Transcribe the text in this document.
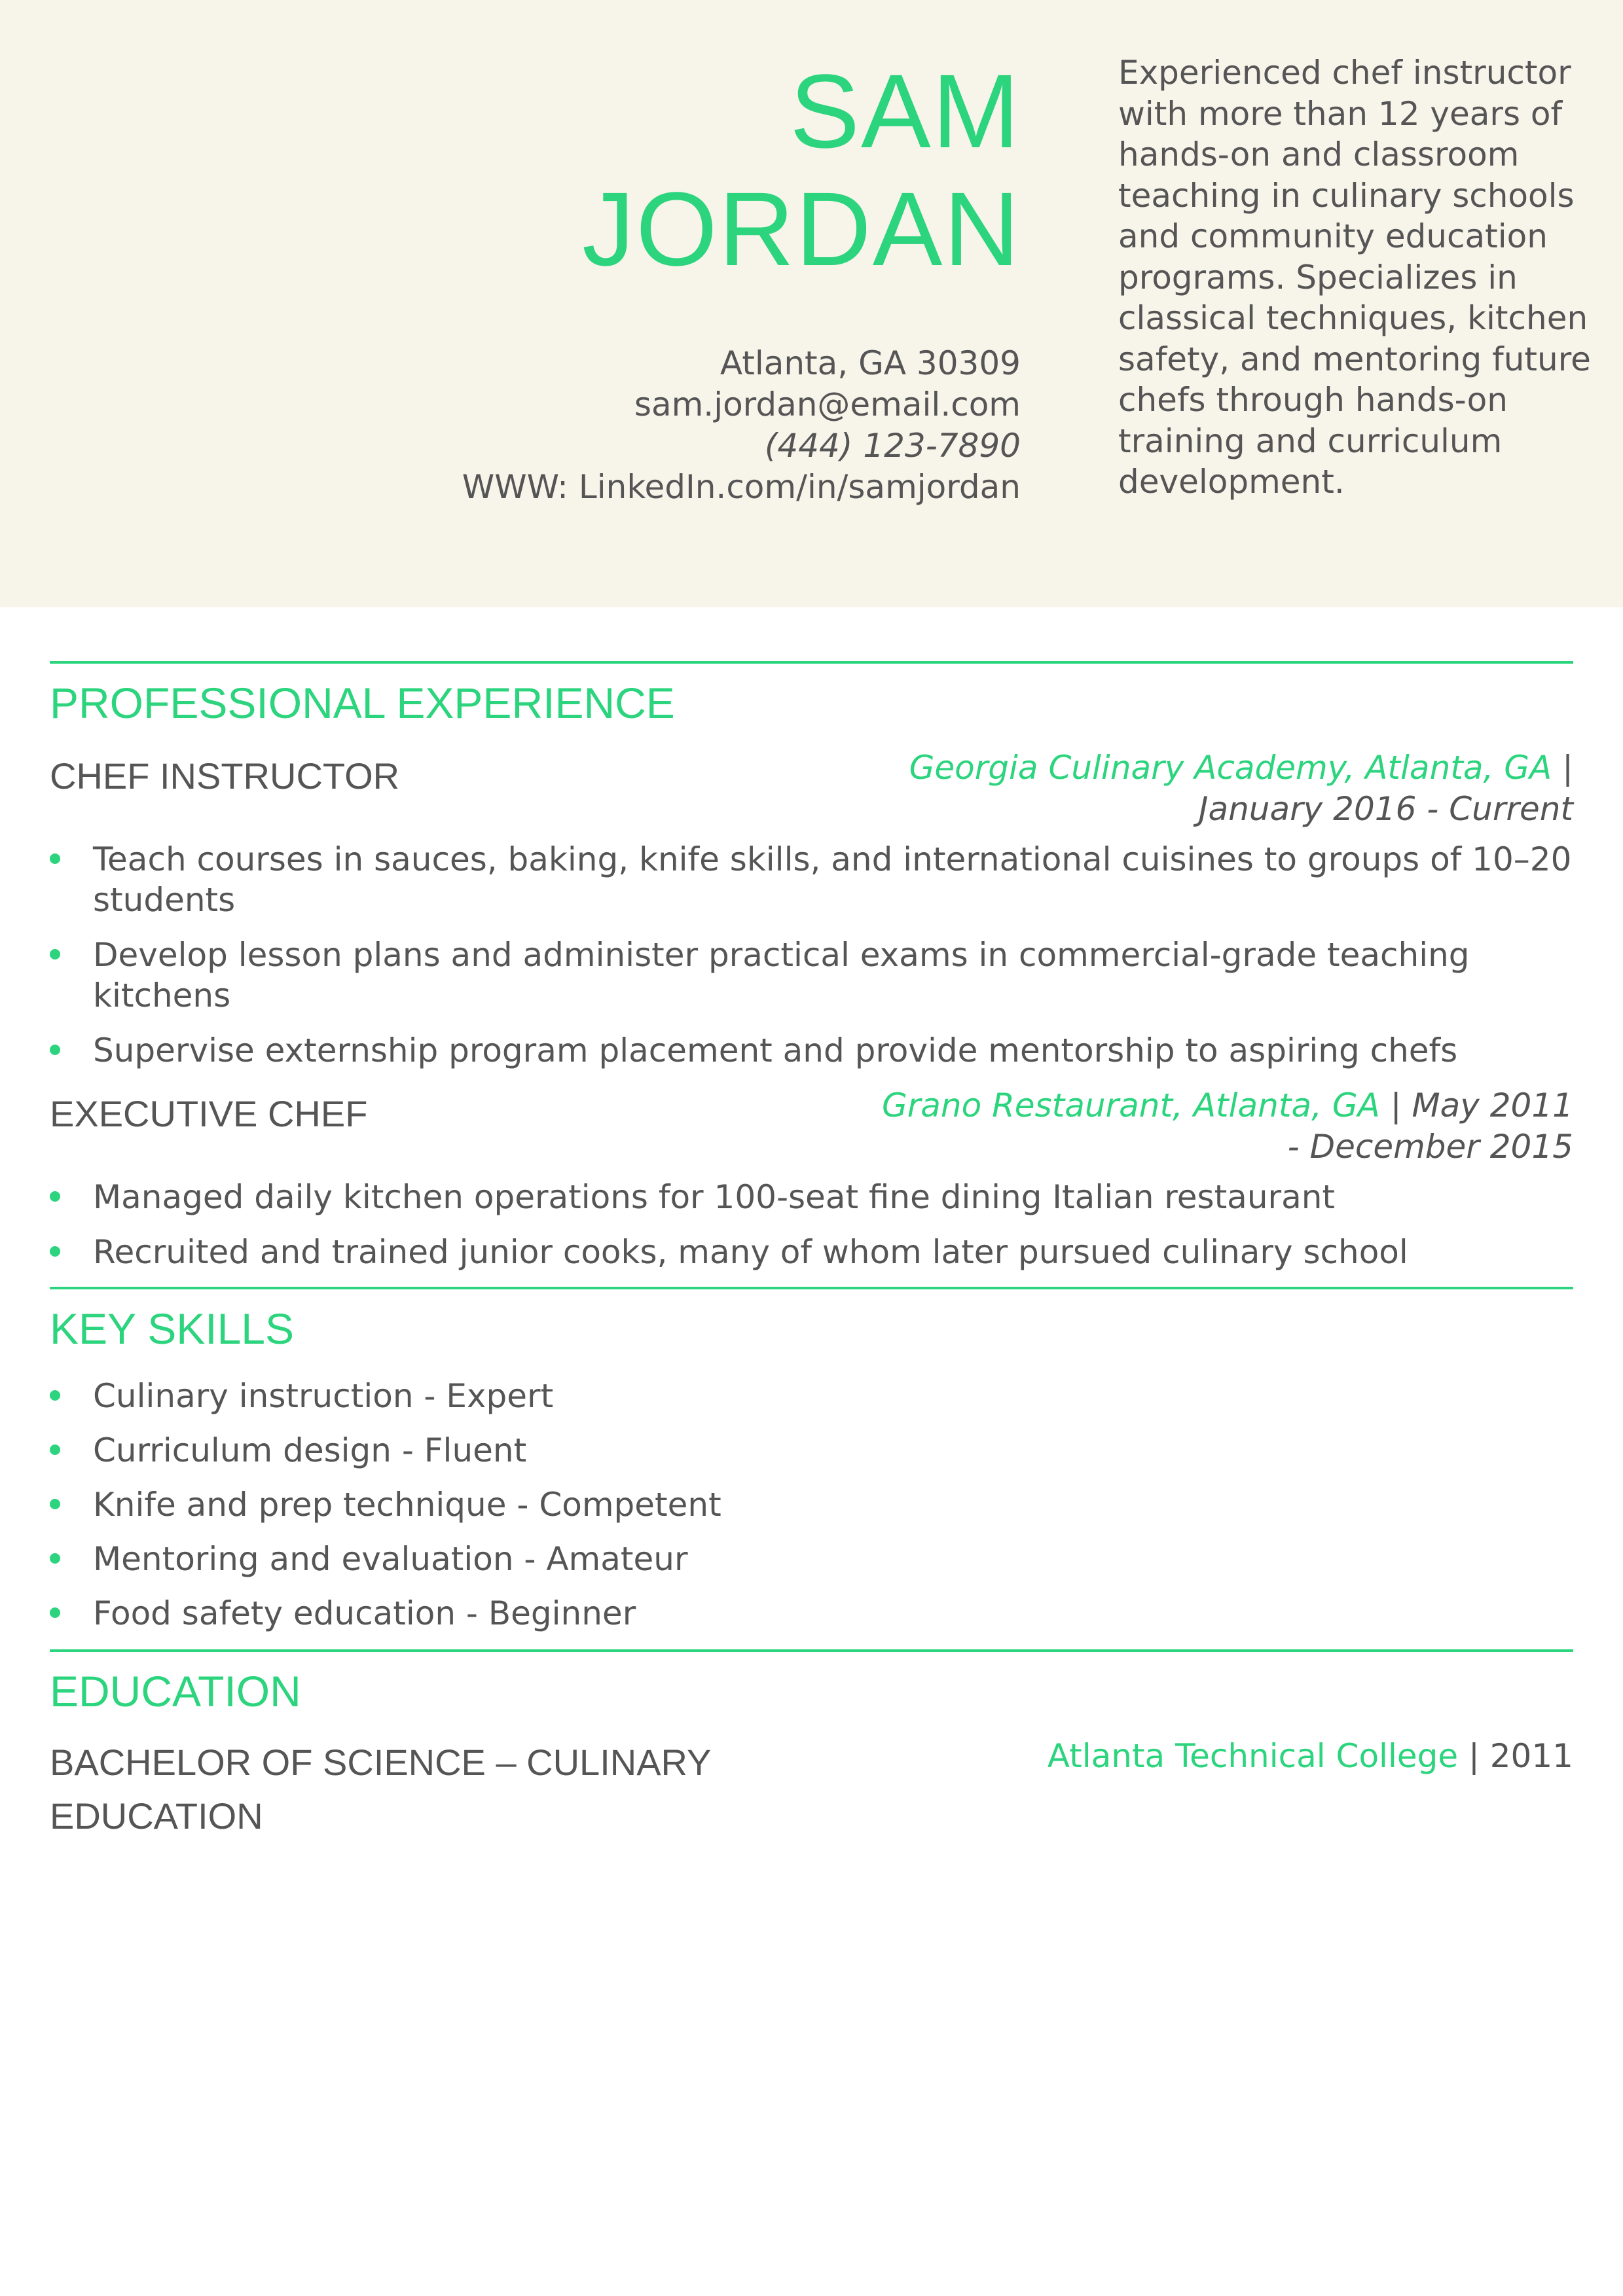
SAM
JORDAN
Atlanta, GA 30309
sam.jordan@email.com
(444) 123-7890
WWW: LinkedIn.com/in/samjordan
Experienced chef instructor with more than 12 years of hands-on and classroom teaching in culinary schools and community education programs. Specializes in classical techniques, kitchen safety, and mentoring future chefs through hands-on training and curriculum development.
PROFESSIONAL EXPERIENCE
CHEF INSTRUCTOR	Georgia Culinary Academy, Atlanta, GA | January 2016 - Current
Teach courses in sauces, baking, knife skills, and international cuisines to groups of 10–20 students
Develop lesson plans and administer practical exams in commercial-grade teaching kitchens
Supervise externship program placement and provide mentorship to aspiring chefs
EXECUTIVE CHEF	Grano Restaurant, Atlanta, GA | May 2011 - December 2015
Managed daily kitchen operations for 100-seat fine dining Italian restaurant
Recruited and trained junior cooks, many of whom later pursued culinary school
KEY SKILLS
Culinary instruction - Expert
Curriculum design - Fluent
Knife and prep technique - Competent
Mentoring and evaluation - Amateur
Food safety education - Beginner
EDUCATION
BACHELOR OF SCIENCE – CULINARY EDUCATION
Atlanta Technical College | 2011
